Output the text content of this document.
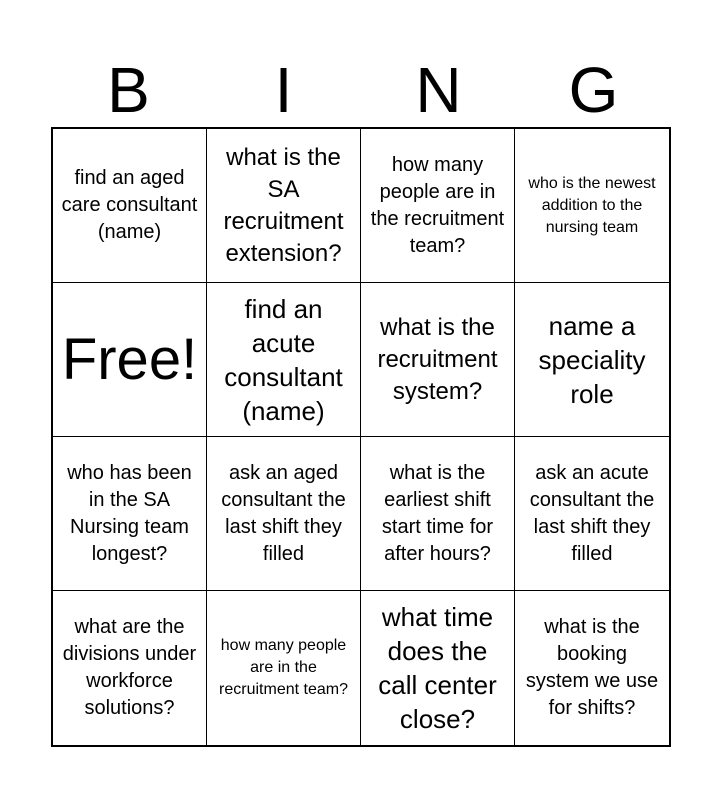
B	I	N	G
find an aged care consultant (name)
what is the SA recruitment extension?
how many people are in the recruitment team?
who is the newest addition to the nursing team
Free!
find an acute consultant (name)
what is the recruitment system?
name a speciality role
who has been in the SA Nursing team longest?
ask an aged consultant the last shift they filled
what is the earliest shift start time for after hours?
ask an acute consultant the last shift they filled
what are the divisions under workforce solutions?
how many people are in the recruitment team?
what time does the call center close?
what is the booking system we use for shifts?
